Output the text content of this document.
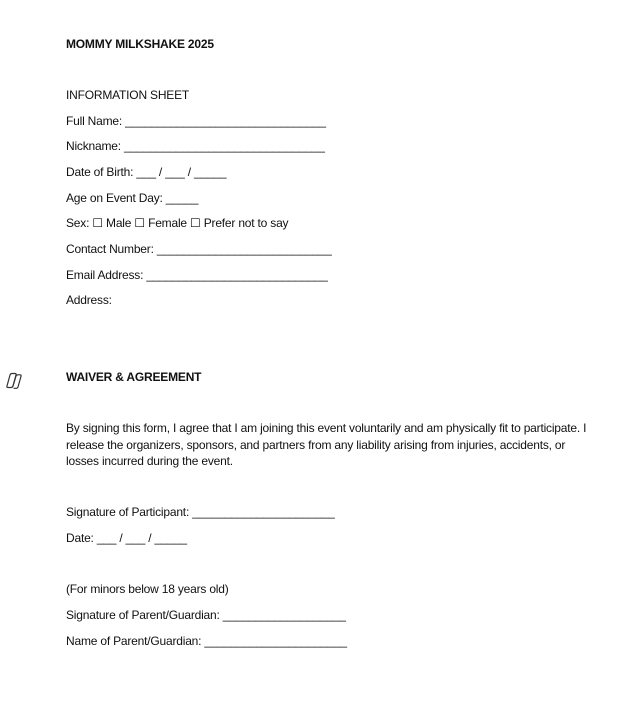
MOMMY MILKSHAKE 2025
INFORMATION SHEET
Full Name: _______________________________
Nickname: _______________________________
Date of Birth: ___ / ___ / _____
Age on Event Day: _____
Sex: ☐ Male ☐ Female ☐ Prefer not to say
Contact Number: ___________________________
Email Address: ____________________________
Address:
WAIVER & AGREEMENT
By signing this form, I agree that I am joining this event voluntarily and am physically fit to participate. I release the organizers, sponsors, and partners from any liability arising from injuries, accidents, or losses incurred during the event.
Signature of Participant: ______________________
Date: ___ / ___ / _____
(For minors below 18 years old)
Signature of Parent/Guardian: ___________________
Name of Parent/Guardian: ______________________
